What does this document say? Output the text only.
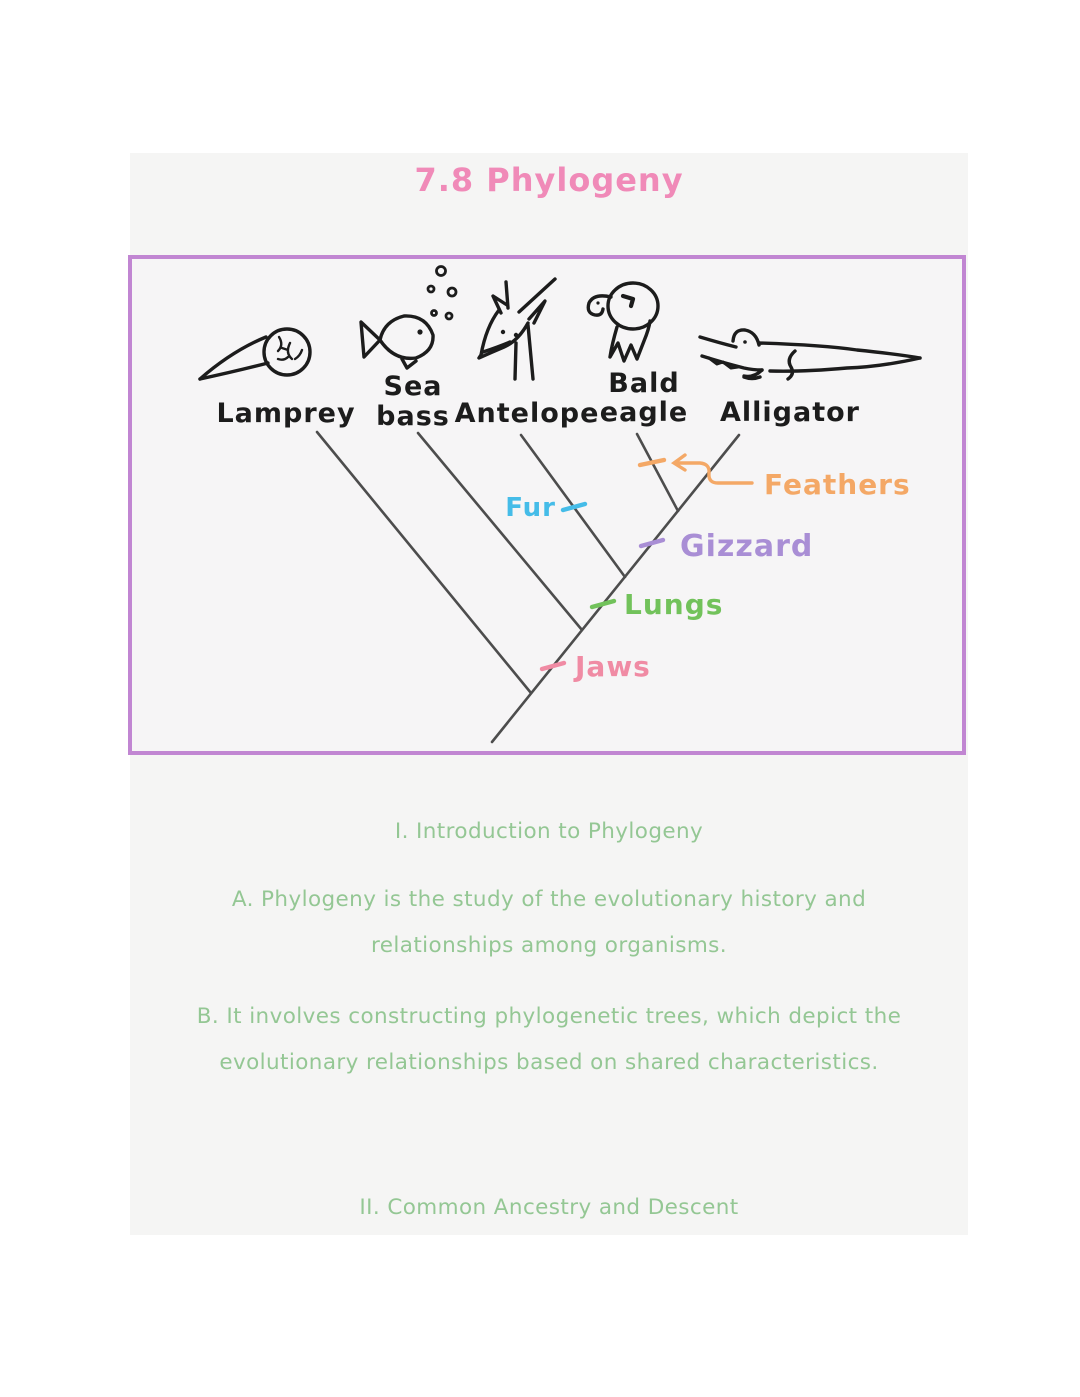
7.8 Phylogeny
Lamprey
Sea
bass Antelope
Bald
eagle Alligator
Fur
Feathers
Gizzard
Lungs
Jaws
I. Introduction to Phylogeny
A. Phylogeny is the study of the evolutionary history and
relationships among organisms.
B. It involves constructing phylogenetic trees, which depict the
evolutionary relationships based on shared characteristics.
II. Common Ancestry and Descent
